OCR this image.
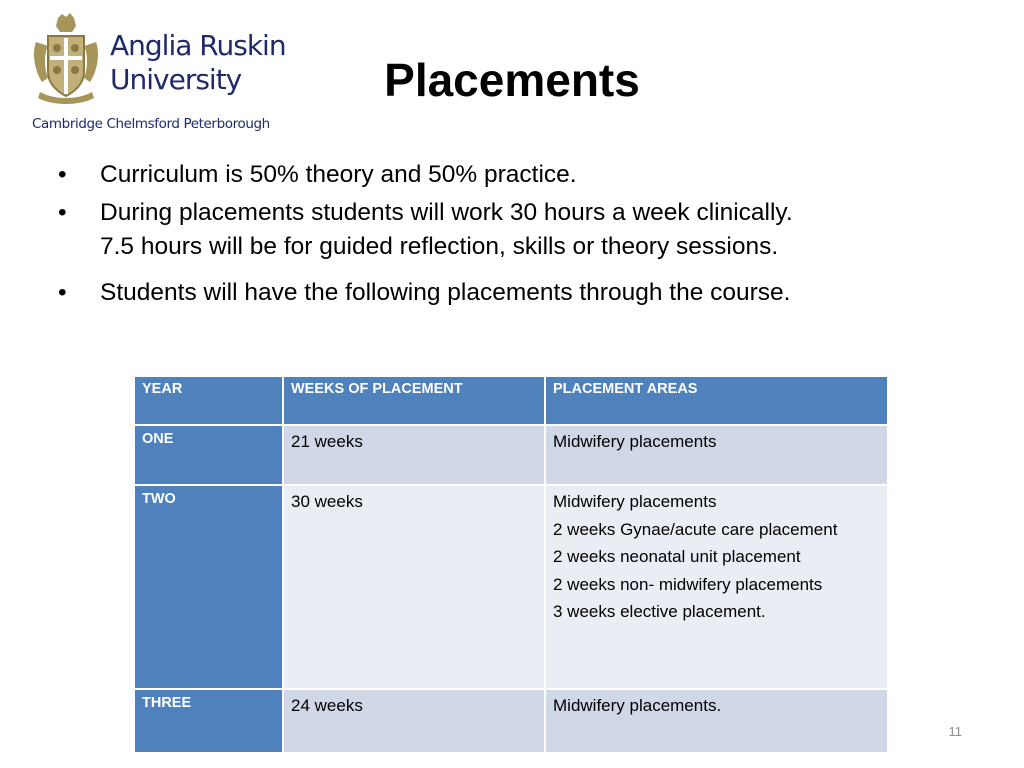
Anglia Ruskin
University
Cambridge Chelmsford Peterborough
Placements
•	Curriculum is 50% theory and 50% practice.
•	During placements students will work 30 hours a week clinically.
7.5 hours will be for guided reflection, skills or theory sessions.
•	Students will have the following placements through the course.
YEAR	WEEKS OF PLACEMENT	PLACEMENT AREAS
ONE	21 weeks	Midwifery placements

TWO	30 weeks	Midwifery placements
2 weeks Gynae/acute care placement
2 weeks neonatal unit placement
2 weeks non- midwifery placements
3 weeks elective placement.

THREE	24 weeks	Midwifery placements.
11
